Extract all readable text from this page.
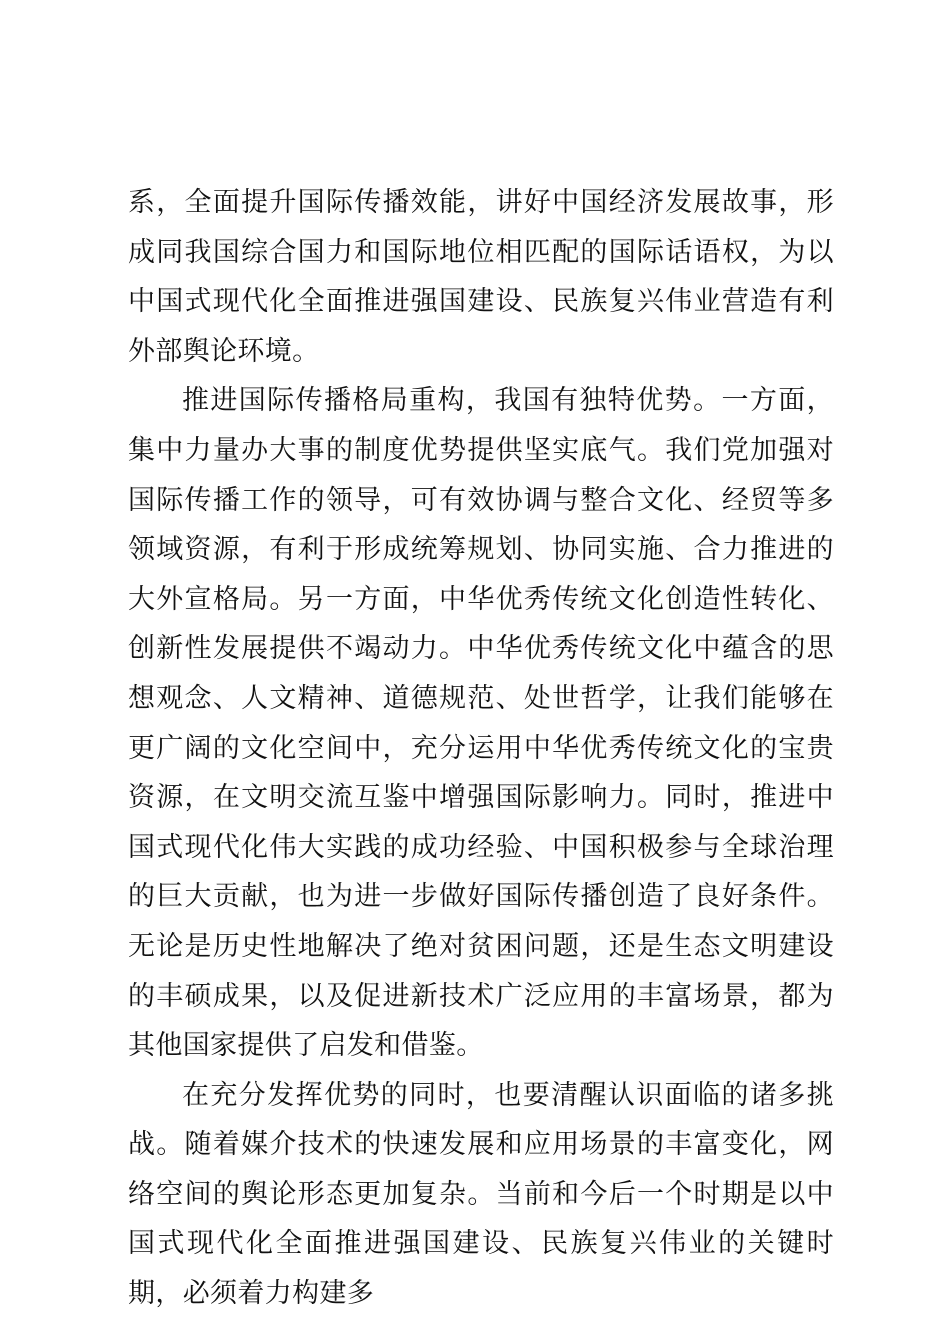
系，全面提升国际传播效能，讲好中国经济发展故事，形成同我国综合国力和国际地位相匹配的国际话语权，为以中国式现代化全面推进强国建设、民族复兴伟业营造有利外部舆论环境。

推进国际传播格局重构，我国有独特优势。一方面，集中力量办大事的制度优势提供坚实底气。我们党加强对国际传播工作的领导，可有效协调与整合文化、经贸等多领域资源，有利于形成统筹规划、协同实施、合力推进的大外宣格局。另一方面，中华优秀传统文化创造性转化、创新性发展提供不竭动力。中华优秀传统文化中蕴含的思想观念、人文精神、道德规范、处世哲学，让我们能够在更广阔的文化空间中，充分运用中华优秀传统文化的宝贵资源，在文明交流互鉴中增强国际影响力。同时，推进中国式现代化伟大实践的成功经验、中国积极参与全球治理的巨大贡献，也为进一步做好国际传播创造了良好条件。无论是历史性地解决了绝对贫困问题，还是生态文明建设的丰硕成果，以及促进新技术广泛应用的丰富场景，都为其他国家提供了启发和借鉴。

在充分发挥优势的同时，也要清醒认识面临的诸多挑战。随着媒介技术的快速发展和应用场景的丰富变化，网络空间的舆论形态更加复杂。当前和今后一个时期是以中国式现代化全面推进强国建设、民族复兴伟业的关键时期，必须着力构建多
